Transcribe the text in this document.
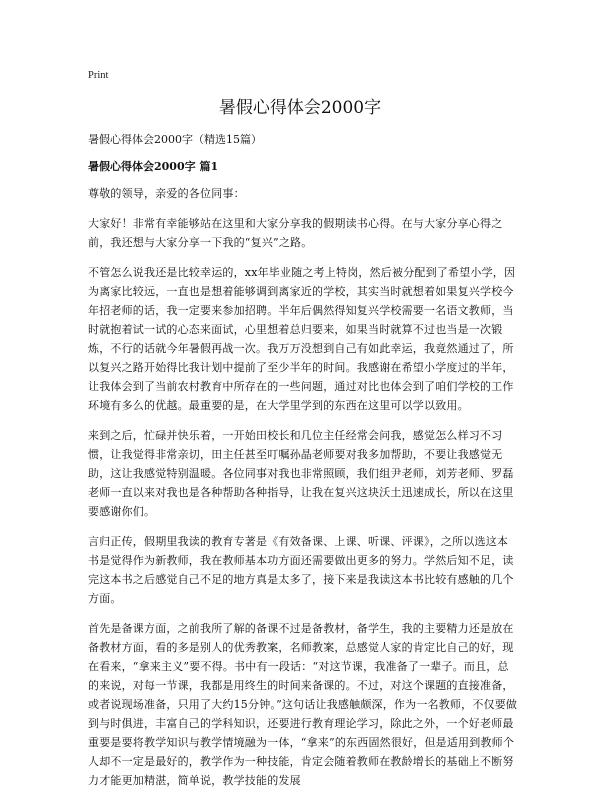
Print
暑假心得体会2000字
暑假心得体会2000字（精选15篇）
暑假心得体会2000字 篇1

尊敬的领导，亲爱的各位同事：

大家好！非常有幸能够站在这里和大家分享我的假期读书心得。在与大家分享心得之前，我还想与大家分享一下我的“复兴”之路。

不管怎么说我还是比较幸运的，xx年毕业随之考上特岗，然后被分配到了希望小学，因为离家比较远，一直也是想着能够调到离家近的学校，其实当时就想着如果复兴学校今年招老师的话，我一定要来参加招聘。半年后偶然得知复兴学校需要一名语文教师，当时就抱着试一试的心态来面试，心里想着总归要来，如果当时就算不过也当是一次锻炼，不行的话就今年暑假再战一次。我万万没想到自己有如此幸运，我竟然通过了，所以复兴之路开始得比我计划中提前了至少半年的时间。我感谢在希望小学度过的半年，让我体会到了当前农村教育中所存在的一些问题，通过对比也体会到了咱们学校的工作环境有多么的优越。最重要的是，在大学里学到的东西在这里可以学以致用。

来到之后，忙碌并快乐着，一开始田校长和几位主任经常会问我，感觉怎么样习不习惯，让我觉得非常亲切，田主任甚至叮嘱孙晶老师要对我多加帮助，不要让我感觉无助，这让我感觉特别温暖。各位同事对我也非常照顾，我们组尹老师，刘芳老师、罗磊老师一直以来对我也是各种帮助各种指导，让我在复兴这块沃土迅速成长，所以在这里要感谢你们。

言归正传，假期里我读的教育专著是《有效备课、上课、听课、评课》，之所以选这本书是觉得作为新教师，我在教师基本功方面还需要做出更多的努力。学然后知不足，读完这本书之后感觉自己不足的地方真是太多了，接下来是我读这本书比较有感触的几个方面。

首先是备课方面，之前我所了解的备课不过是备教材，备学生，我的主要精力还是放在备教材方面，看的多是别人的优秀教案，名师教案，总感觉人家的肯定比自己的好，现在看来，“拿来主义”要不得。书中有一段话：“对这节课，我准备了一辈子。而且，总的来说，对每一节课，我都是用终生的时间来备课的。不过，对这个课题的直接准备，或者说现场准备，只用了大约15分钟。”这句话让我感触颇深，作为一名教师，不仅要做到与时俱进，丰富自己的学科知识，还要进行教育理论学习，除此之外，一个好老师最重要是要将教学知识与教学情境融为一体，“拿来”的东西固然很好，但是适用到教师个人却不一定是最好的，教学作为一种技能，肯定会随着教师在教龄增长的基础上不断努力才能更加精湛，简单说，教学技能的发展
